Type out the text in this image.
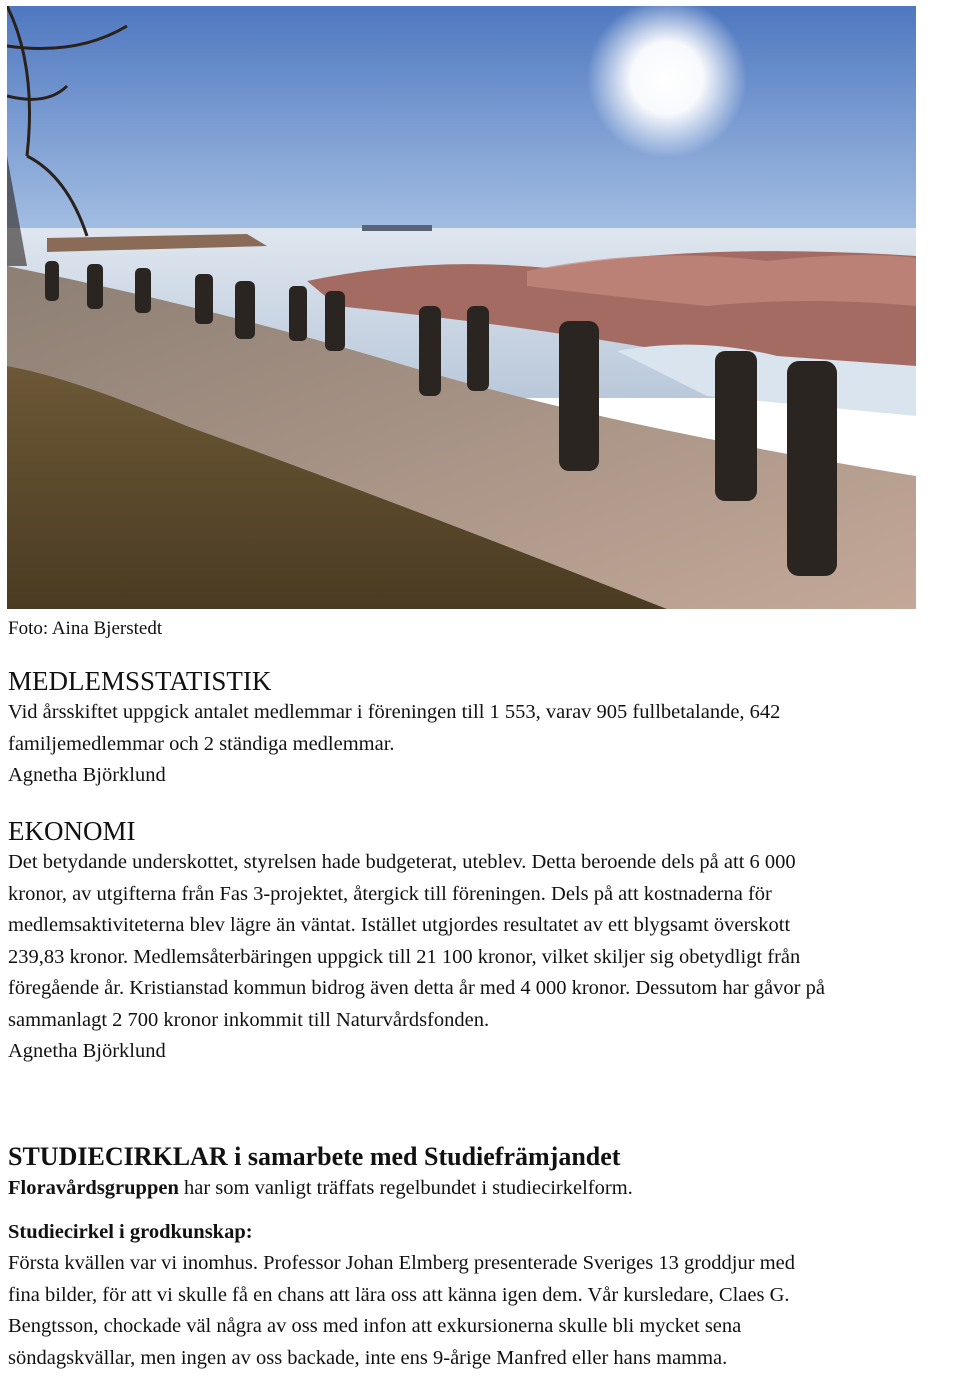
Foto: Aina Bjerstedt
MEDLEMSSTATISTIK

Vid årsskiftet uppgick antalet medlemmar i föreningen till 1 553, varav 905 fullbetalande, 642

familjemedlemmar och 2 ständiga medlemmar.

Agnetha Björklund
EKONOMI

Det betydande underskottet, styrelsen hade budgeterat, uteblev. Detta beroende dels på att 6 000

kronor, av utgifterna från Fas 3-projektet, återgick till föreningen. Dels på att kostnaderna för

medlemsaktiviteterna blev lägre än väntat. Istället utgjordes resultatet av ett blygsamt överskott

239,83 kronor. Medlemsåterbäringen uppgick till 21 100 kronor, vilket skiljer sig obetydligt från

föregående år. Kristianstad kommun bidrog även detta år med 4 000 kronor. Dessutom har gåvor på

sammanlagt 2 700 kronor inkommit till Naturvårdsfonden.

Agnetha Björklund
STUDIECIRKLAR i samarbete med Studiefrämjandet

Floravårdsgruppen har som vanligt träffats regelbundet i studiecirkelform.

Studiecirkel i grodkunskap:

Första kvällen var vi inomhus. Professor Johan Elmberg presenterade Sveriges 13 groddjur med

fina bilder, för att vi skulle få en chans att lära oss att känna igen dem. Vår kursledare, Claes G.

Bengtsson, chockade väl några av oss med infon att exkursionerna skulle bli mycket sena

söndagskvällar, men ingen av oss backade, inte ens 9-årige Manfred eller hans mamma.
